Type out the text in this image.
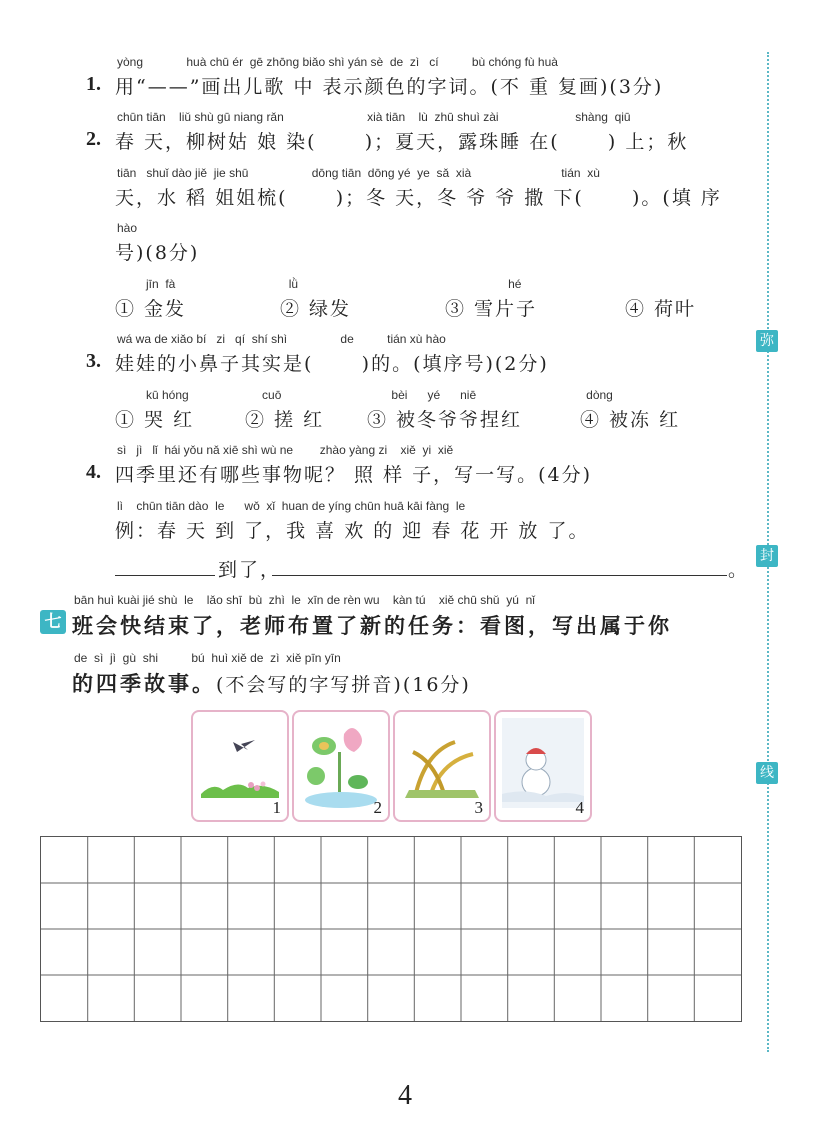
弥
封
线
yòng             huà chū ér  gē zhōng biǎo shì yán sè  de  zì   cí          bù chóng fù huà
1. 用“——”画出儿歌 中 表示颜色的字词。(不 重 复画)(3分)
chūn tiān    liǔ shù gū niang rǎn                         xià tiān    lù  zhū shuì zài                       shàng  qiū
2. 春 天，柳树姑 娘 染(      )；夏天，露珠睡 在(      ) 上；秋
tiān   shuǐ dào jiě  jie shū                   dōng tiān  dōng yé  ye  sǎ  xià                           tián  xù
天，水 稻 姐姐梳(      )；冬 天，冬 爷 爷 撒 下(      )。(填 序
hào
号)(8分)
jīn  fà                                  lǜ                                                               hé
① 金发	② 绿发	③ 雪片子	④ 荷叶
wá wa de xiǎo bí   zi   qí  shí shì                de          tián xù hào
3. 娃娃的小鼻子其实是(      )的。(填序号)(2分)
kū hóng                      cuō                                 bèi      yé      niē                                 dòng
① 哭 红	② 搓 红 ③ 被冬爷爷捏红	④ 被冻 红
sì   jì   lǐ  hái yǒu nǎ xiē shì wù ne        zhào yàng zi    xiě  yi  xiě
4. 四季里还有哪些事物呢？ 照 样 子，写一写。(4分)
lì    chūn tiān dào  le      wǒ  xǐ  huan de yíng chūn huā kāi fàng  le
例：春 天 到 了，我 喜 欢 的 迎 春 花 开 放 了。
到了，	。
bān huì kuài jié shù  le    lǎo shī  bù  zhì  le  xīn de rèn wu    kàn tú    xiě chū shǔ  yú  nǐ
七 班会快结束了，老师布置了新的任务：看图，写出属于你
de  sì  jì  gù  shi          bú  huì xiě de  zì  xiě pīn yīn
的四季故事。(不会写的字写拼音)(16分)
1	2	3	4
4
